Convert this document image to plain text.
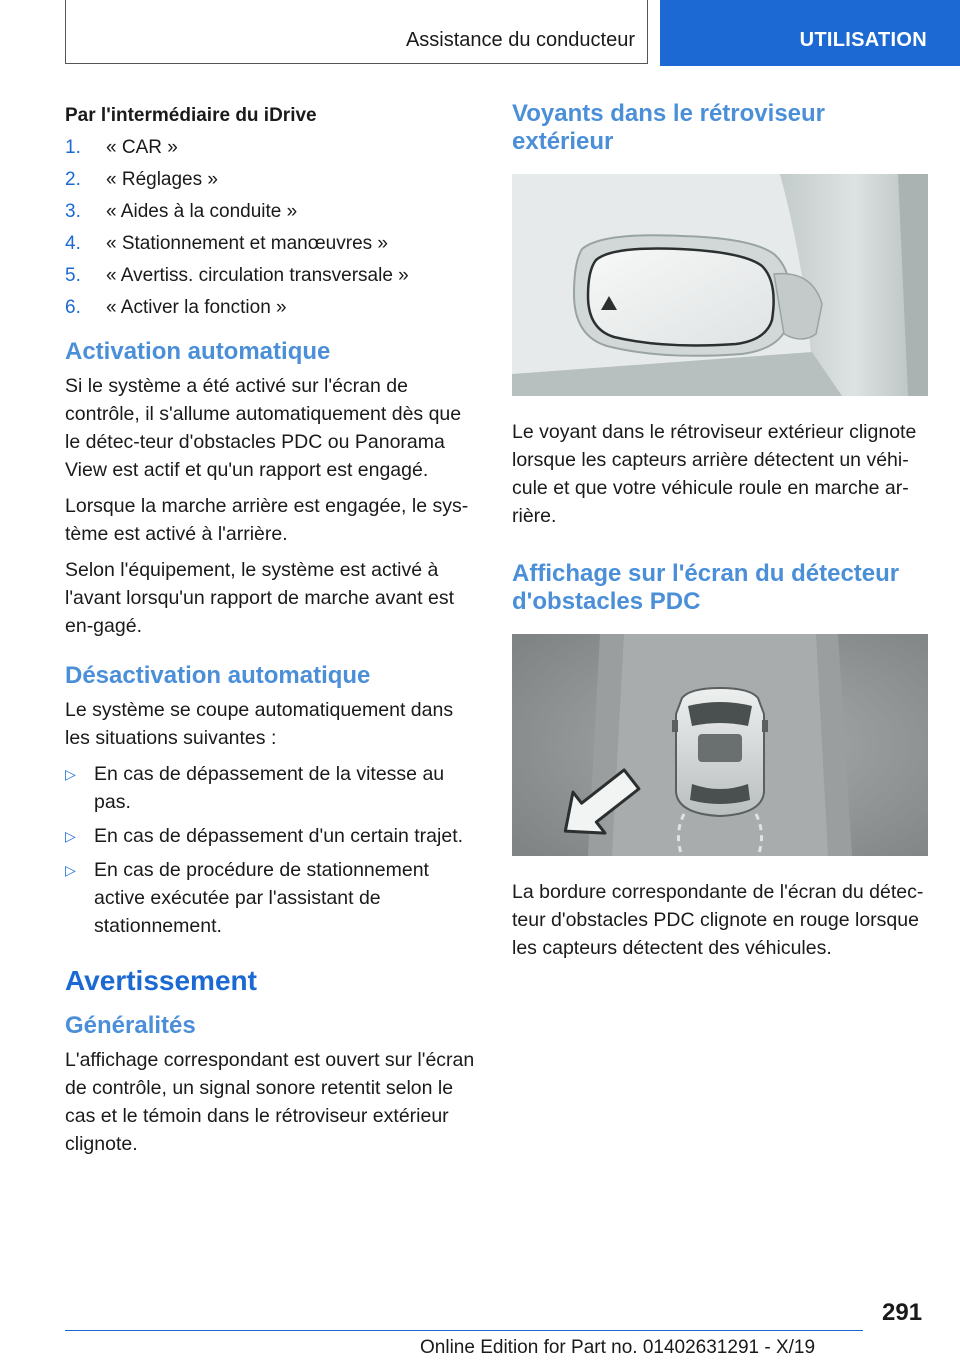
Assistance du conducteur	UTILISATION

Par l'intermédiaire du iDrive

1. « CAR »
2. « Réglages »
3. « Aides à la conduite »
4. « Stationnement et manœuvres »
5. « Avertiss. circulation transversale »
6. « Activer la fonction »
Activation automatique

Si le système a été activé sur l'écran de contrôle, il s'allume automatiquement dès que le détec-teur d'obstacles PDC ou Panorama View est actif et qu'un rapport est engagé.

Lorsque la marche arrière est engagée, le sys-tème est activé à l'arrière.

Selon l'équipement, le système est activé à l'avant lorsqu'un rapport de marche avant est en-gagé.

Désactivation automatique

Le système se coupe automatiquement dans les situations suivantes :

▷ En cas de dépassement de la vitesse au pas.
▷ En cas de dépassement d'un certain trajet.
▷ En cas de procédure de stationnement active exécutée par l'assistant de stationnement.
Avertissement
Généralités

L'affichage correspondant est ouvert sur l'écran de contrôle, un signal sonore retentit selon le cas et le témoin dans le rétroviseur extérieur clignote.

Voyants dans le rétroviseur extérieur

Le voyant dans le rétroviseur extérieur clignote lorsque les capteurs arrière détectent un véhi-cule et que votre véhicule roule en marche ar-rière.

Affichage sur l'écran du détecteur d'obstacles PDC

La bordure correspondante de l'écran du détec-teur d'obstacles PDC clignote en rouge lorsque les capteurs détectent des véhicules.

291
Online Edition for Part no. 01402631291 - X/19
